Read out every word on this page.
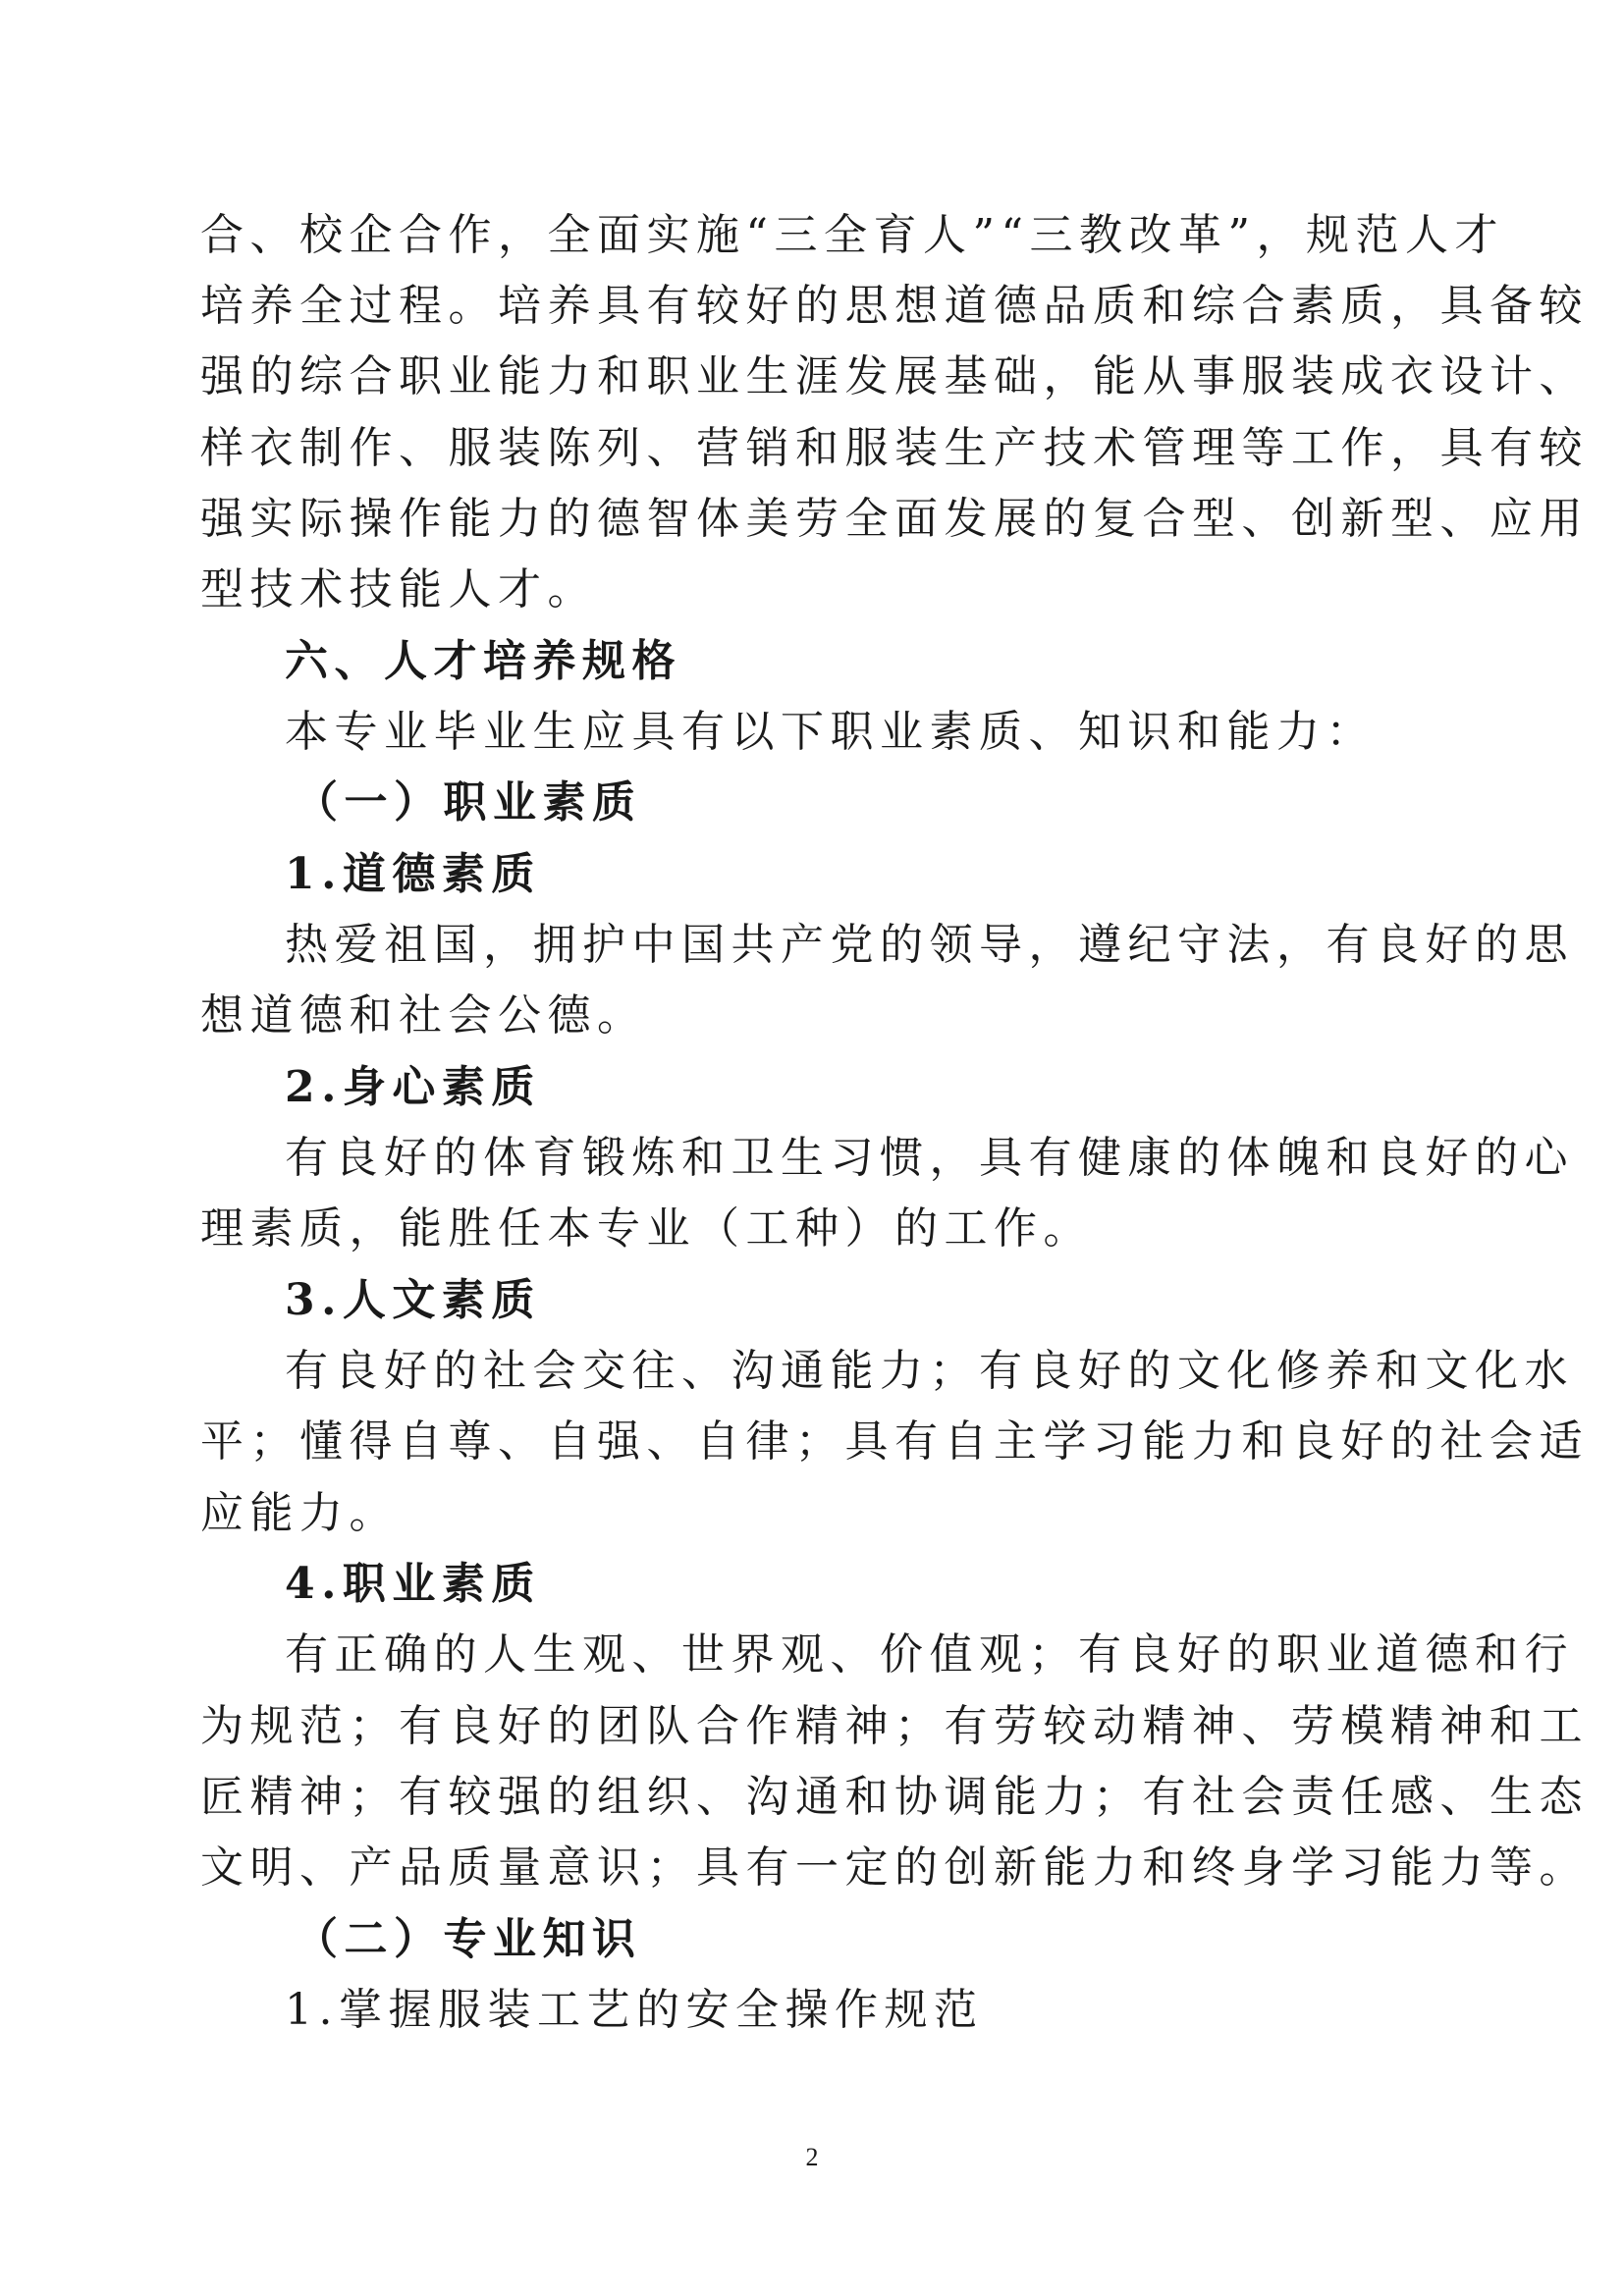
合、校企合作，全面实施“三全育人”“三教改革”，规范人才
培养全过程。培养具有较好的思想道德品质和综合素质，具备较
强的综合职业能力和职业生涯发展基础，能从事服装成衣设计、
样衣制作、服装陈列、营销和服装生产技术管理等工作，具有较
强实际操作能力的德智体美劳全面发展的复合型、创新型、应用
型技术技能人才。
六、人才培养规格
本专业毕业生应具有以下职业素质、知识和能力：
（一）职业素质
1.道德素质
热爱祖国，拥护中国共产党的领导，遵纪守法，有良好的思
想道德和社会公德。
2.身心素质
有良好的体育锻炼和卫生习惯，具有健康的体魄和良好的心
理素质，能胜任本专业（工种）的工作。
3.人文素质
有良好的社会交往、沟通能力；有良好的文化修养和文化水
平；懂得自尊、自强、自律；具有自主学习能力和良好的社会适
应能力。
4.职业素质
有正确的人生观、世界观、价值观；有良好的职业道德和行
为规范；有良好的团队合作精神；有劳较动精神、劳模精神和工
匠精神；有较强的组织、沟通和协调能力；有社会责任感、生态
文明、产品质量意识；具有一定的创新能力和终身学习能力等。
（二）专业知识
1.掌握服装工艺的安全操作规范
2
